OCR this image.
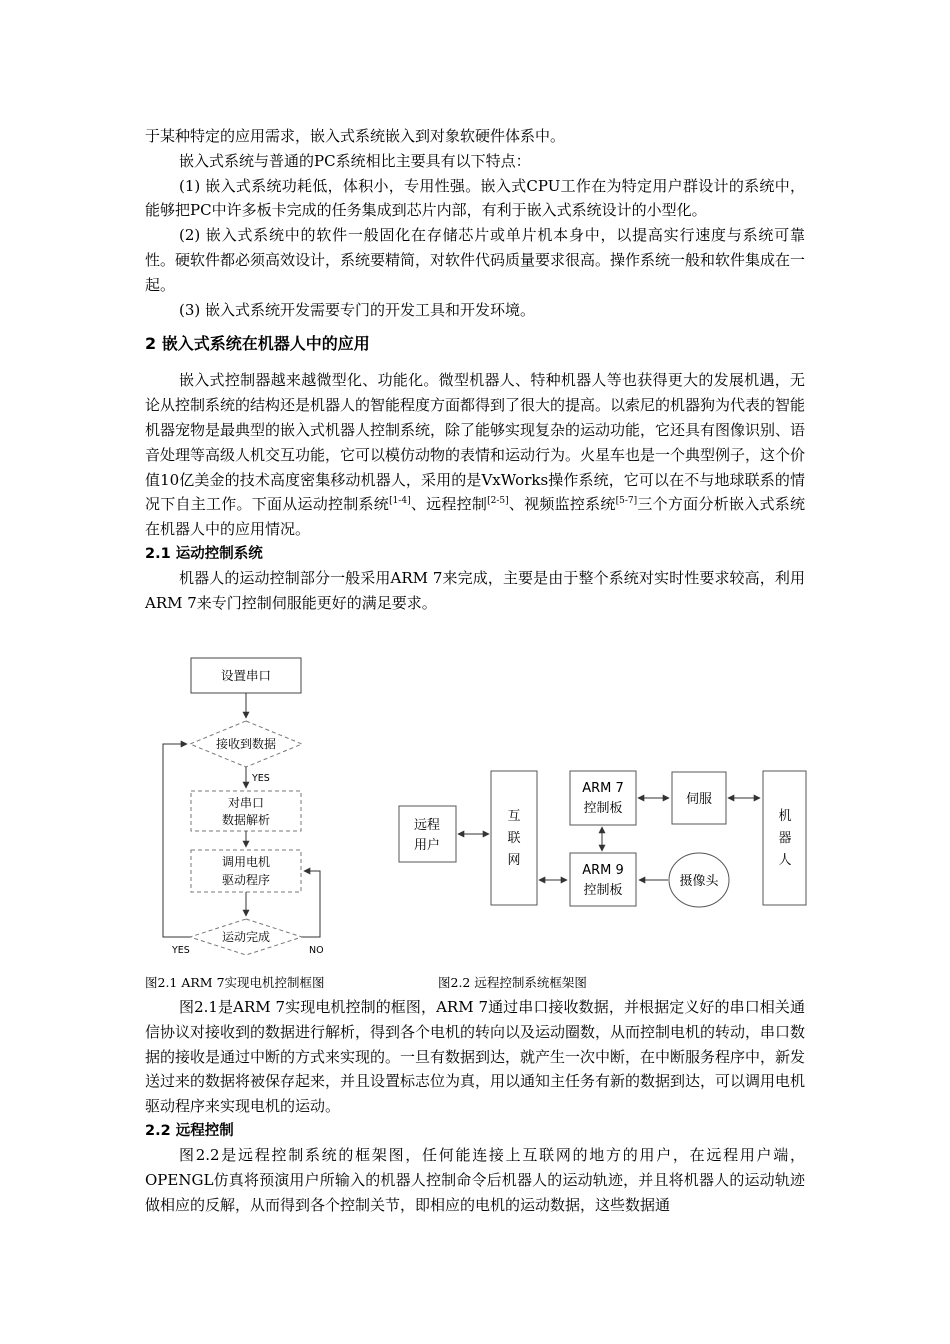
于某种特定的应用需求，嵌入式系统嵌入到对象软硬件体系中。

嵌入式系统与普通的PC系统相比主要具有以下特点：

(1) 嵌入式系统功耗低，体积小，专用性强。嵌入式CPU工作在为特定用户群设计的系统中，能够把PC中许多板卡完成的任务集成到芯片内部，有利于嵌入式系统设计的小型化。

(2) 嵌入式系统中的软件一般固化在存储芯片或单片机本身中，以提高实行速度与系统可靠性。硬软件都必须高效设计，系统要精简，对软件代码质量要求很高。操作系统一般和软件集成在一起。

(3) 嵌入式系统开发需要专门的开发工具和开发环境。

2 嵌入式系统在机器人中的应用

嵌入式控制器越来越微型化、功能化。微型机器人、特种机器人等也获得更大的发展机遇，无论从控制系统的结构还是机器人的智能程度方面都得到了很大的提高。以索尼的机器狗为代表的智能机器宠物是最典型的嵌入式机器人控制系统，除了能够实现复杂的运动功能，它还具有图像识别、语音处理等高级人机交互功能，它可以模仿动物的表情和运动行为。火星车也是一个典型例子，这个价值10亿美金的技术高度密集移动机器人，采用的是VxWorks操作系统，它可以在不与地球联系的情况下自主工作。下面从运动控制系统[1-4]、远程控制[2-5]、视频监控系统[5-7]三个方面分析嵌入式系统在机器人中的应用情况。

2.1 运动控制系统

机器人的运动控制部分一般采用ARM 7来完成，主要是由于整个系统对实时性要求较高，利用ARM 7来专门控制伺服能更好的满足要求。

设置串口
接收到数据
YES
对串口
数据解析
调用电机
驱动程序
运动完成
YES	NO
远程
用户
互
联
网
ARM 7
控制板
ARM 9
控制板
伺服
摄像头
机
器
人
图2.1 ARM 7实现电机控制框图	图2.2 远程控制系统框架图

图2.1是ARM 7实现电机控制的框图，ARM 7通过串口接收数据，并根据定义好的串口相关通信协议对接收到的数据进行解析，得到各个电机的转向以及运动圈数，从而控制电机的转动，串口数据的接收是通过中断的方式来实现的。一旦有数据到达，就产生一次中断，在中断服务程序中，新发送过来的数据将被保存起来，并且设置标志位为真，用以通知主任务有新的数据到达，可以调用电机驱动程序来实现电机的运动。

2.2 远程控制

图2.2是远程控制系统的框架图，任何能连接上互联网的地方的用户，在远程用户端，OPENGL仿真将预演用户所输入的机器人控制命令后机器人的运动轨迹，并且将机器人的运动轨迹做相应的反解，从而得到各个控制关节，即相应的电机的运动数据，这些数据通
